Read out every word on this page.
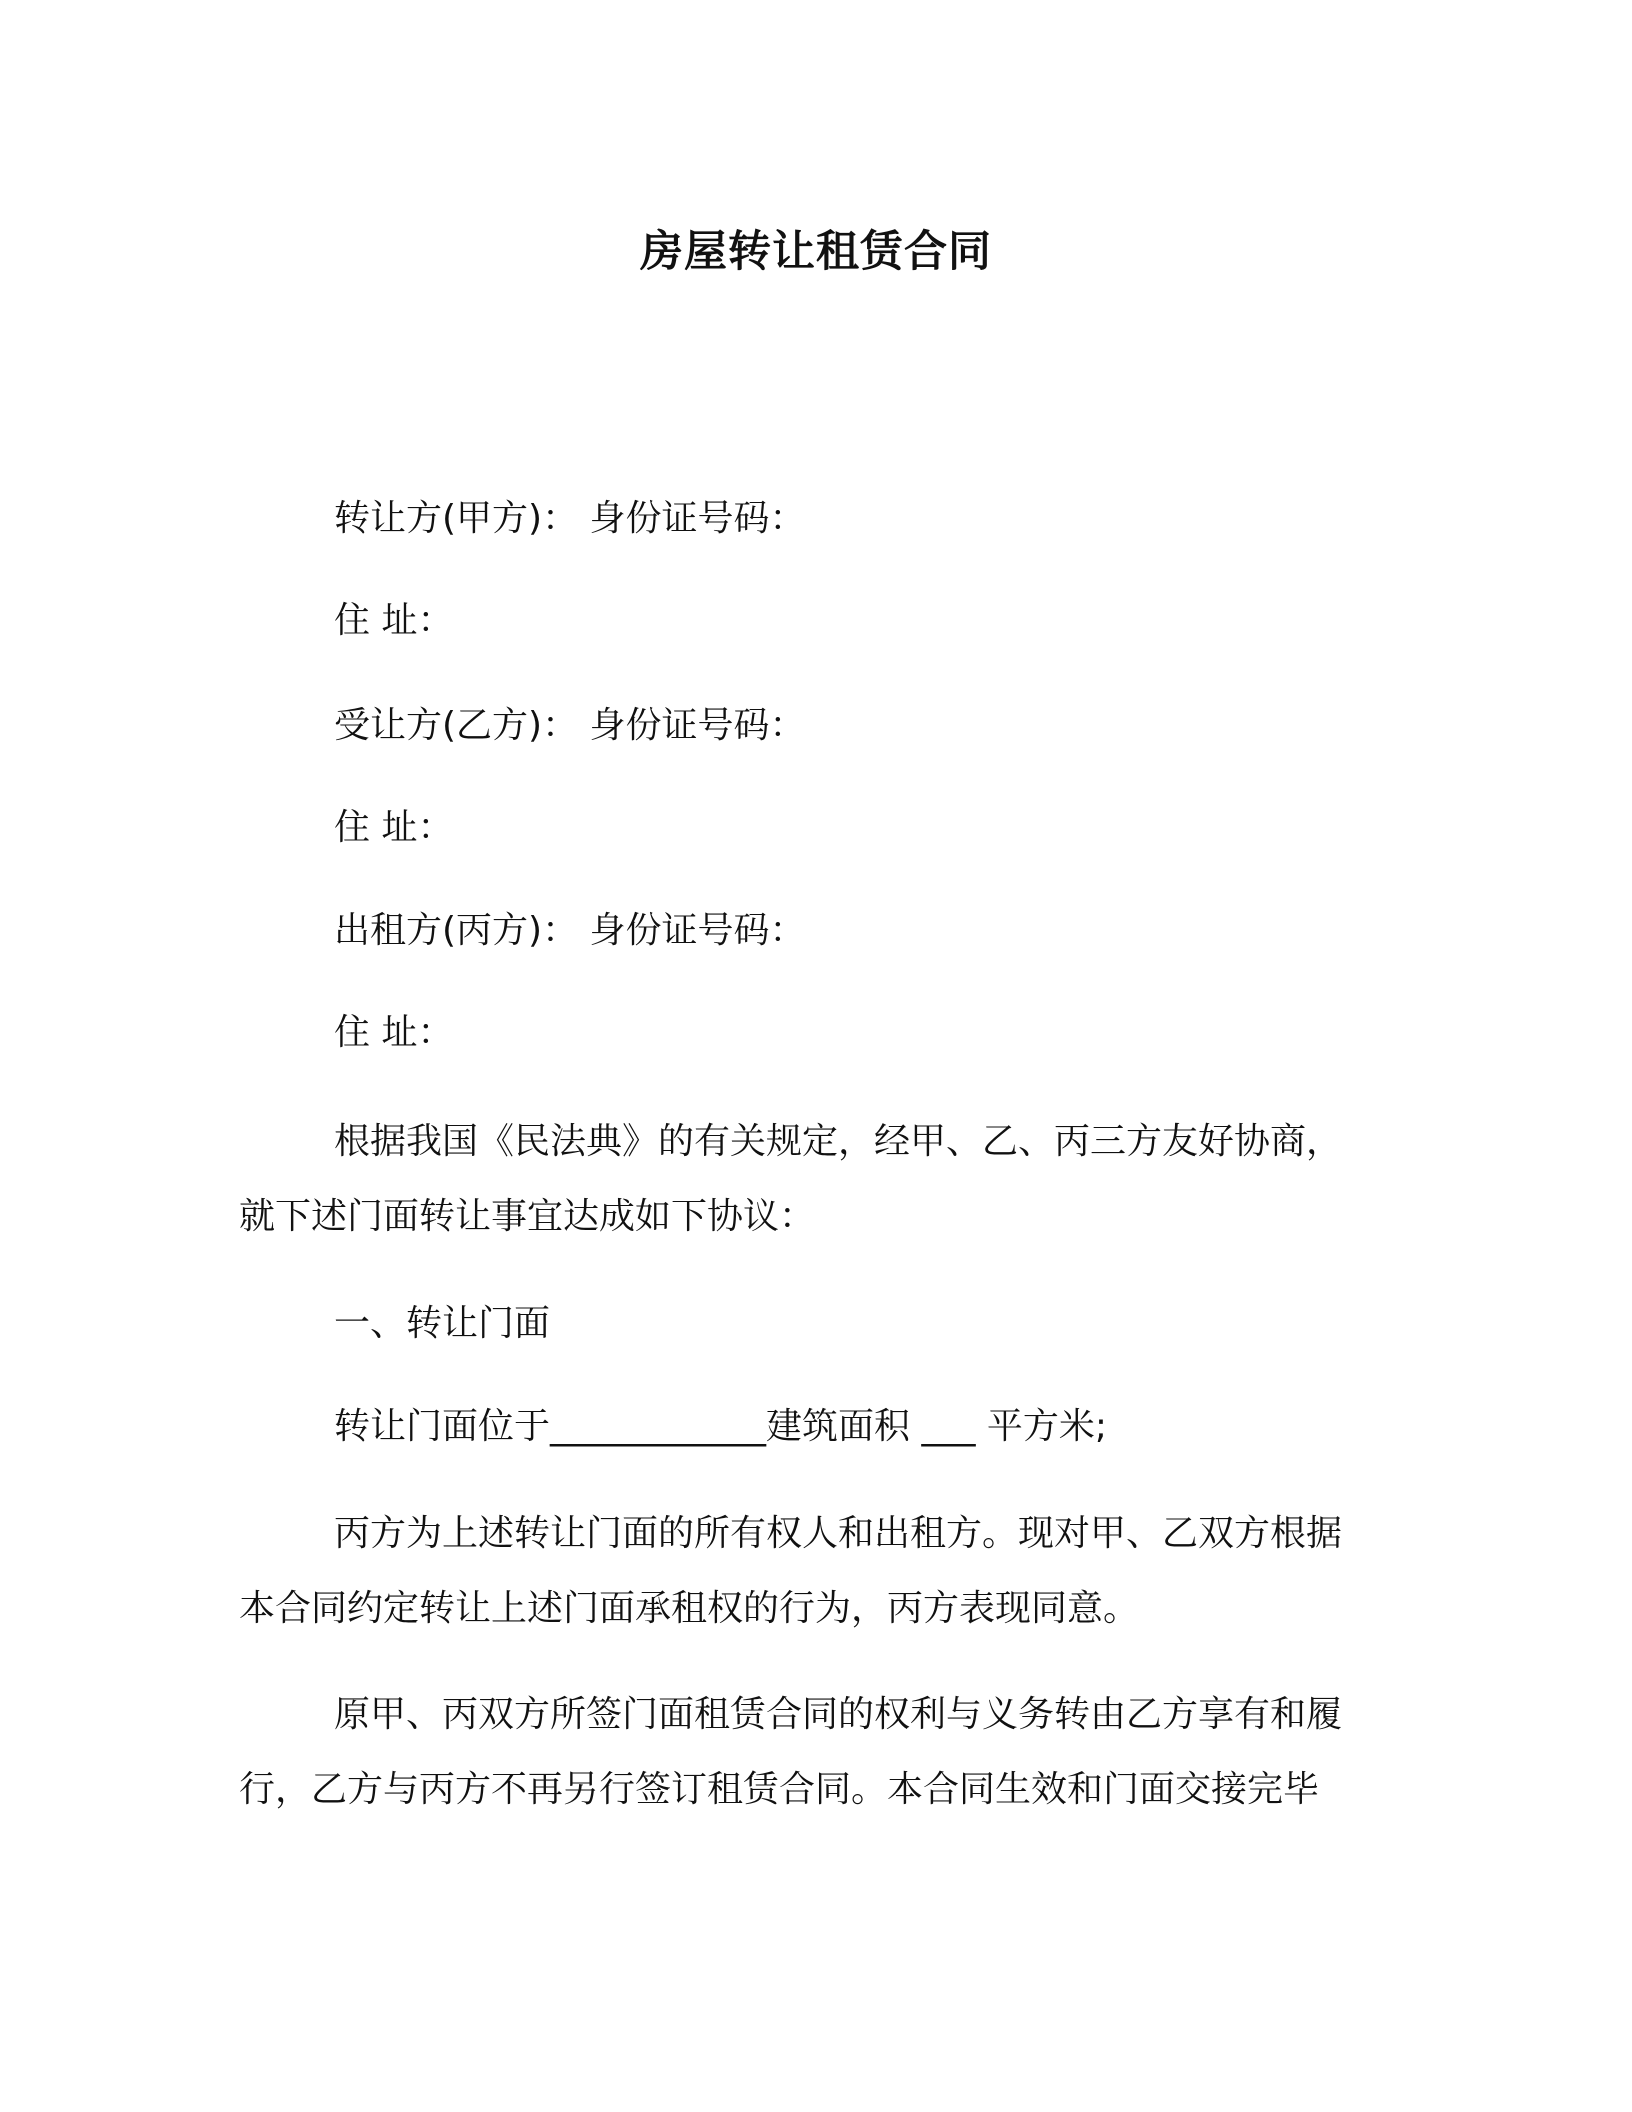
房屋转让租赁合同
转让方(甲方)： 身份证号码：
住 址：
受让方(乙方)： 身份证号码：
住 址：
出租方(丙方)： 身份证号码：
住 址：
根据我国《民法典》的有关规定，经甲、乙、丙三方友好协商，
就下述门面转让事宜达成如下协议：
一、转让门面
转让门面位于____________建筑面积 ___ 平方米;
丙方为上述转让门面的所有权人和出租方。现对甲、乙双方根据
本合同约定转让上述门面承租权的行为，丙方表现同意。
原甲、丙双方所签门面租赁合同的权利与义务转由乙方享有和履
行，乙方与丙方不再另行签订租赁合同。本合同生效和门面交接完毕
